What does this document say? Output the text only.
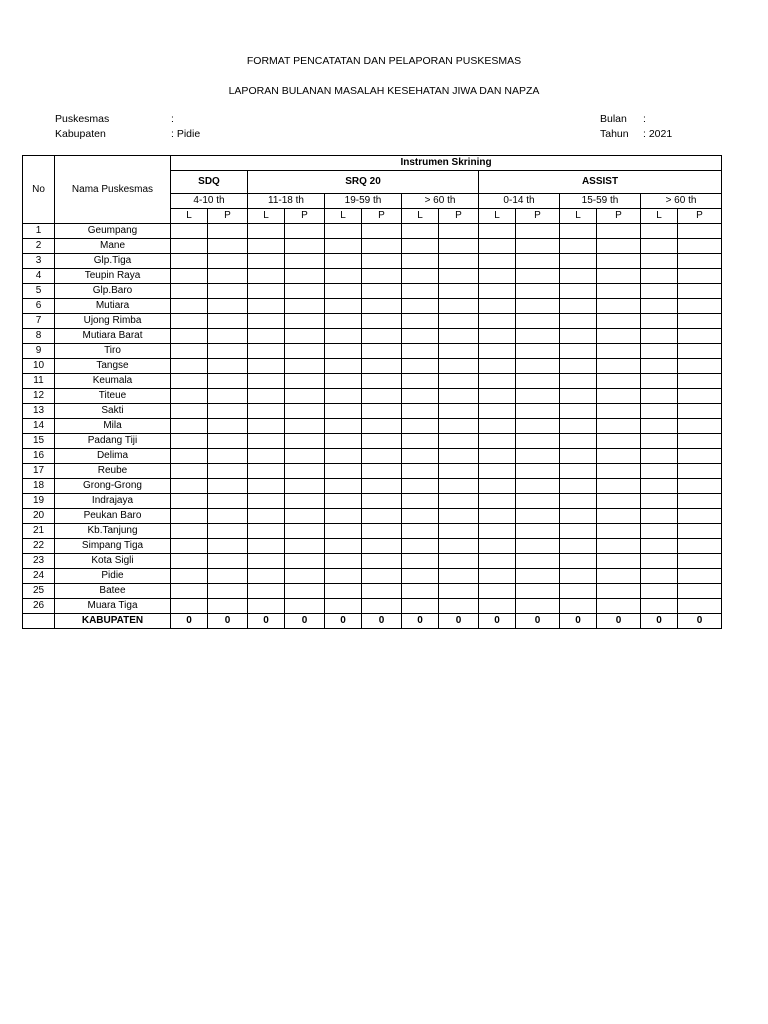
FORMAT PENCATATAN DAN PELAPORAN PUSKESMAS
LAPORAN BULANAN MASALAH KESEHATAN JIWA DAN NAPZA
Puskesmas	:
Kabupaten	: Pidie
Bulan :
Tahun : 2021
No	Nama Puskesmas	Instrumen Skrining													
		SDQ		SRQ 20						ASSIST					
		4-10 th		11-18 th		19-59 th		> 60 th		0-14 th		15-59 th		> 60 th	
		L	P	L	P	L	P	L	P	L	P	L	P	L	P
1	Geumpang														
2	Mane														
3	Glp.Tiga														
4	Teupin Raya														
5	Glp.Baro														
6	Mutiara														
7	Ujong Rimba														
8	Mutiara Barat														
9	Tiro														
10	Tangse														
11	Keumala														
12	Titeue														
13	Sakti														
14	Mila														
15	Padang Tiji														
16	Delima														
17	Reube														
18	Grong-Grong														
19	Indrajaya														
20	Peukan Baro														
21	Kb.Tanjung														
22	Simpang Tiga														
23	Kota Sigli														
24	Pidie														
25	Batee														
26	Muara Tiga														
	KABUPATEN	0	0	0	0	0	0	0	0	0	0	0	0	0	0
